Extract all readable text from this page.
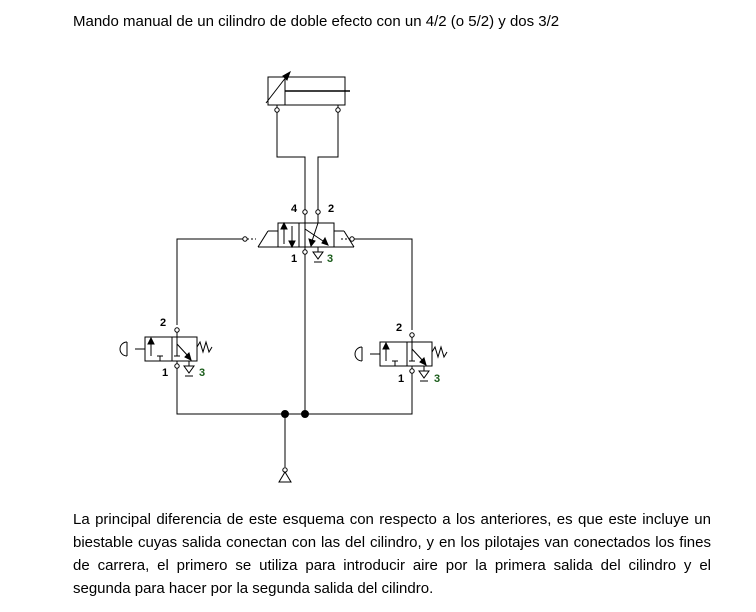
Mando manual de un cilindro de doble efecto con un 4/2 (o 5/2) y dos 3/2
4	2
1	3
2
1	3
2
1	3

La principal diferencia de este esquema con respecto a los anteriores, es que este incluye un biestable cuyas salida conectan con las del cilindro, y en los pilotajes van conectados los fines de carrera, el primero se utiliza para introducir aire por la primera salida del cilindro y el segunda para hacer por la segunda salida del cilindro.
